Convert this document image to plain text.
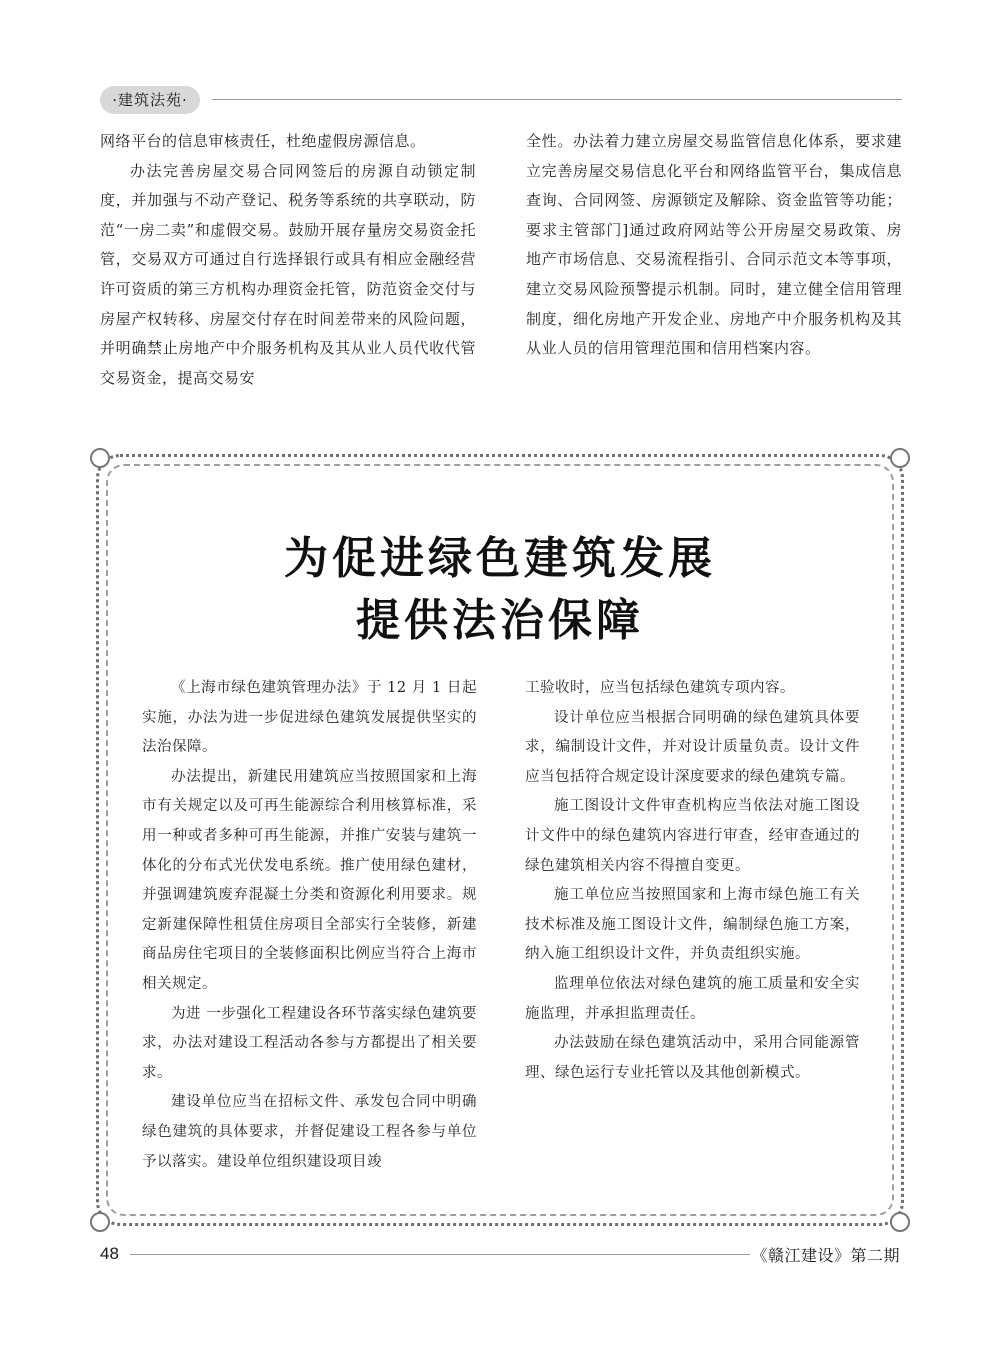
·建筑法苑·

网络平台的信息审核责任，杜绝虚假房源信息。

办法完善房屋交易合同网签后的房源自动锁定制度，并加强与不动产登记、税务等系统的共享联动，防范“一房二卖”和虚假交易。鼓励开展存量房交易资金托管，交易双方可通过自行选择银行或具有相应金融经营许可资质的第三方机构办理资金托管，防范资金交付与房屋产权转移、房屋交付存在时间差带来的风险问题，并明确禁止房地产中介服务机构及其从业人员代收代管交易资金，提高交易安

全性。办法着力建立房屋交易监管信息化体系，要求建立完善房屋交易信息化平台和网络监管平台，集成信息查询、合同网签、房源锁定及解除、资金监管等功能；要求主管部门]通过政府网站等公开房屋交易政策、房地产市场信息、交易流程指引、合同示范文本等事项，建立交易风险预警提示机制。同时，建立健全信用管理制度，细化房地产开发企业、房地产中介服务机构及其从业人员的信用管理范围和信用档案内容。

为促进绿色建筑发展
提供法治保障

《上海市绿色建筑管理办法》于 12 月 1 日起实施，办法为进一步促进绿色建筑发展提供坚实的法治保障。

办法提出，新建民用建筑应当按照国家和上海市有关规定以及可再生能源综合利用核算标准，采用一种或者多种可再生能源，并推广安装与建筑一体化的分布式光伏发电系统。推广使用绿色建材，并强调建筑废弃混凝土分类和资源化利用要求。规定新建保障性租赁住房项目全部实行全装修，新建商品房住宅项目的全装修面积比例应当符合上海市相关规定。

为进 一步强化工程建设各环节落实绿色建筑要求，办法对建设工程活动各参与方都提出了相关要求。

建设单位应当在招标文件、承发包合同中明确绿色建筑的具体要求，并督促建设工程各参与单位予以落实。建设单位组织建设项目竣

工验收时，应当包括绿色建筑专项内容。

设计单位应当根据合同明确的绿色建筑具体要求，编制设计文件，并对设计质量负责。设计文件应当包括符合规定设计深度要求的绿色建筑专篇。

施工图设计文件审查机构应当依法对施工图设计文件中的绿色建筑内容进行审查，经审查通过的绿色建筑相关内容不得擅自变更。

施工单位应当按照国家和上海市绿色施工有关技术标准及施工图设计文件，编制绿色施工方案，纳入施工组织设计文件，并负责组织实施。

监理单位依法对绿色建筑的施工质量和安全实施监理，并承担监理责任。

办法鼓励在绿色建筑活动中，采用合同能源管理、绿色运行专业托管以及其他创新模式。

48	《赣江建设》第二期
